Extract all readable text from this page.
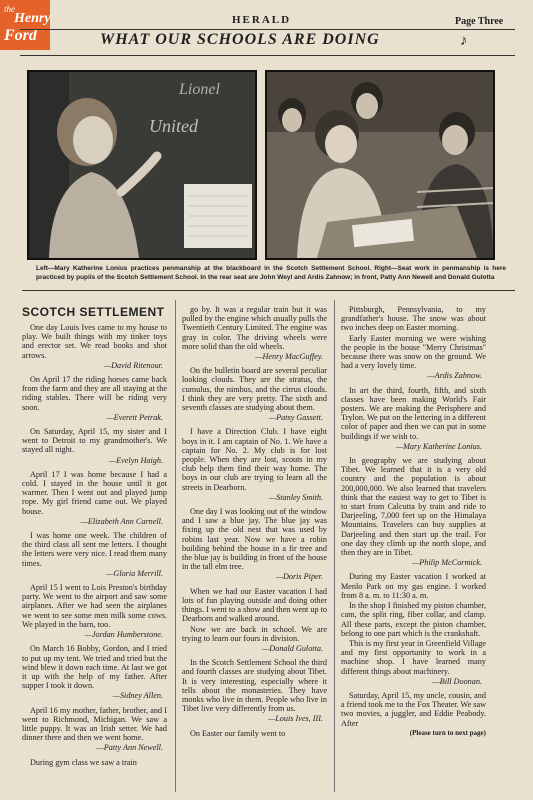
the
Henry
Ford
HERALD	Page Three
WHAT OUR SCHOOLS ARE DOING	♪
Lionel
United
Left—Mary Katherine Lonius practices penmanship at the blackboard in the Scotch Settlement School. Right—Seat work in penmanship is here practiced by pupils of the Scotch Settlement School. In the rear seat are John Weyl and Ardis Zahnow; in front, Patty Ann Newell and Donald Gulotta
SCOTCH SETTLEMENT

One day Louis Ives came to my house to play. We built things with my tinker toys and erector set. We read books and shot arrows.

—David Ritenour.

On April 17 the riding horses came back from the farm and they are all staying at the riding stables. There will be riding very soon.

—Everett Petrak.

On Saturday, April 15, my sister and I went to Detroit to my grandmother's. We stayed all night.

—Evelyn Haigh.

April 17 I was home because I had a cold. I stayed in the house until it got warmer. Then I went out and played jump rope. My girl friend came out. We played house.

—Elizabeth Ann Carnell.

I was home one week. The children of the third class all sent me letters. I thought the letters were very nice. I read them many times.

—Gloria Merrill.

April 15 I went to Lois Preston's birthday party. We went to the airport and saw some airplanes. After we had seen the airplanes we went to see some men milk some cows. We played in the barn, too.

—Jordan Humberstone.

On March 16 Bobby, Gordon, and I tried to put up my tent. We tried and tried but the wind blew it down each time. At last we got it up with the help of my father. After supper I took it down.

—Sidney Allen.

April 16 my mother, father, brother, and I went to Richmond, Michigan. We saw a little puppy. It was an Irish setter. We had dinner there and then we went home.

—Patty Ann Newell.

During gym class we saw a train

go by. It was a regular train but it was pulled by the engine which usually pulls the Twentieth Century Limited. The engine was gray in color. The driving wheels were more solid than the old wheels.

—Henry MacGuffey.

On the bulletin board are several peculiar looking clouds. They are the stratus, the cumulus, the nimbus, and the cirrus clouds. I think they are very pretty. The sixth and seventh classes are studying about them.

—Patsy Gassett.

I have a Direction Club. I have eight boys in it. I am captain of No. 1. We have a captain for No. 2. My club is for lost people. When they are lost, scouts in my club help them find their way home. The boys in our club are trying to learn all the streets in Dearborn.

—Stanley Smith.

One day I was looking out of the window and I saw a blue jay. The blue jay was fixing up the old nest that was used by robins last year. Now we have a robin building behind the house in a fir tree and the blue jay is building in front of the house in the tall elm tree.

—Doris Piper.

When we had our Easter vacation I had lots of fun playing outside and doing other things. I went to a show and then went up to Dearborn and walked around.

Now we are back in school. We are trying to learn our fours in division.

—Donald Gulotta.

In the Scotch Settlement School the third and fourth classes are studying about Tibet. It is very interesting, especially where it tells about the monasteries. They have monks who live in them. People who live in Tibet live very differently from us.

—Louis Ives, III.

On Easter our family went to

Pittsburgh, Pennsylvania, to my grandfather's house. The snow was about two inches deep on Easter morning.

Early Easter morning we were wishing the people in the house "Merry Christmas" because there was snow on the ground. We had a very lovely time.

—Ardis Zahnow.

In art the third, fourth, fifth, and sixth classes have been making World's Fair posters. We are making the Perisphere and Trylon. We put on the lettering in a different color of paper and then we can put in some buildings if we wish to.

—Mary Katherine Lonius.

In geography we are studying about Tibet. We learned that it is a very old country and the population is about 200,000,000. We also learned that travelers think that the easiest way to get to Tibet is to start from Calcutta by train and ride to Darjeeling, 7,000 feet up on the Himalaya Mountains. Travelers can buy supplies at Darjeeling and then start up the trail. For one day they climb up the north slope, and then they are in Tibet.

—Philip McCormick.

During my Easter vacation I worked at Menlo Park on my gas engine. I worked from 8 a. m. to 11:30 a. m.

In the shop I finished my piston chamber, cam, the split ring, fiber collar, and clamp. All these parts, except the piston chamber, belong to one part which is the crankshaft.

This is my first year in Greenfield Village and my first opportunity to work in a machine shop. I have learned many different things about machinery.

—Bill Doonan.

Saturday, April 15, my uncle, cousin, and a friend took me to the Fox Theater. We saw two movies, a juggler, and Eddie Peabody. After

(Please turn to next page)
